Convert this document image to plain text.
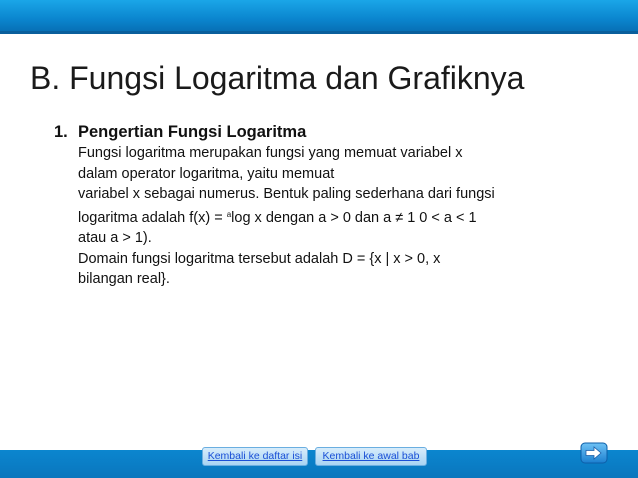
B. Fungsi Logaritma dan Grafiknya
1. Pengertian Fungsi Logaritma

Fungsi logaritma merupakan fungsi yang memuat variabel x

dalam operator logaritma, yaitu memuat

variabel x sebagai numerus. Bentuk paling sederhana dari fungsi

logaritma adalah f(x) = $^a$log x dengan a > 0 dan a ≠ 1 0 < a < 1

atau a > 1).

Domain fungsi logaritma tersebut adalah D = {x | x > 0, x

bilangan real}.

Kembali ke daftar isi	Kembali ke awal bab
